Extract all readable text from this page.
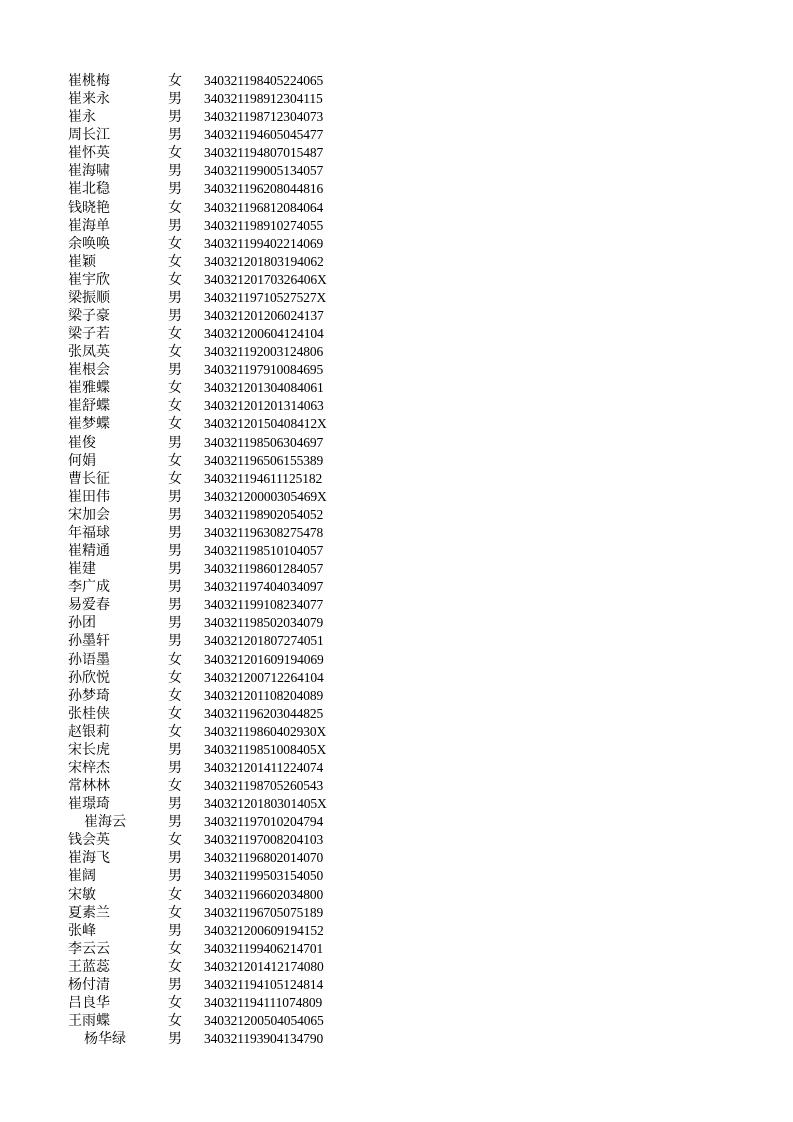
崔桃梅	女	340321198405224065
崔来永	男	340321198912304115
崔永	男	340321198712304073
周长江	男	340321194605045477
崔怀英	女	340321194807015487
崔海啸	男	340321199005134057
崔北稳	男	340321196208044816
钱晓艳	女	340321196812084064
崔海单	男	340321198910274055
余唤唤	女	340321199402214069
崔颖	女	340321201803194062
崔宇欣	女	34032120170326406X
梁振顺	男	34032119710527527X
梁子豪	男	340321201206024137
梁子若	女	340321200604124104
张凤英	女	340321192003124806
崔根会	男	340321197910084695
崔雅蝶	女	340321201304084061
崔舒蝶	女	340321201201314063
崔梦蝶	女	34032120150408412X
崔俊	男	340321198506304697
何娟	女	340321196506155389
曹长征	女	340321194611125182
崔田伟	男	34032120000305469X
宋加会	男	340321198902054052
年福球	男	340321196308275478
崔精通	男	340321198510104057
崔建	男	340321198601284057
李广成	男	340321197404034097
易爱春	男	340321199108234077
孙团	男	340321198502034079
孙墨轩	男	340321201807274051
孙语墨	女	340321201609194069
孙欣悦	女	340321200712264104
孙梦琦	女	340321201108204089
张桂侠	女	340321196203044825
赵银莉	女	34032119860402930X
宋长虎	男	34032119851008405X
宋梓杰	男	340321201411224074
常林林	女	340321198705260543
崔璟琦	男	34032120180301405X
崔海云	男	340321197010204794
钱会英	女	340321197008204103
崔海飞	男	340321196802014070
崔阔	男	340321199503154050
宋敏	女	340321196602034800
夏素兰	女	340321196705075189
张峰	男	340321200609194152
李云云	女	340321199406214701
王蓝蕊	女	340321201412174080
杨付清	男	340321194105124814
吕良华	女	340321194111074809
王雨蝶	女	340321200504054065
杨华绿	男	340321193904134790
